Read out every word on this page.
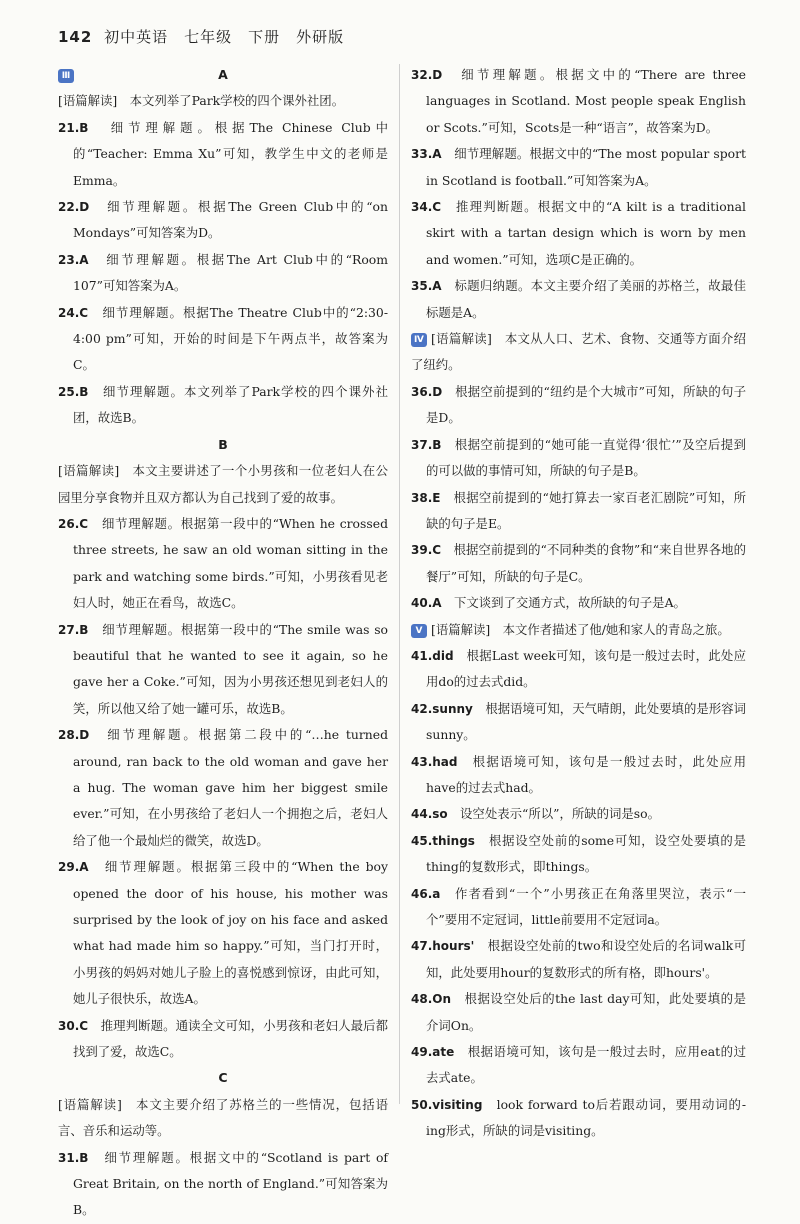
142 初中英语　七年级　下册　外研版
Ⅲ	A

[语篇解读]　本文列举了Park学校的四个课外社团。

21.B　 细节理解题。根据The Chinese Club中的“Teacher: Emma Xu”可知，教学生中文的老师是Emma。

22.D　 细节理解题。根据The Green Club中的“on Mondays”可知答案为D。

23.A　 细节理解题。根据The Art Club中的“Room 107”可知答案为A。

24.C　 细节理解题。根据The Theatre Club中的“2:30-4:00 pm”可知，开始的时间是下午两点半，故答案为C。

25.B　 细节理解题。本文列举了Park学校的四个课外社团，故选B。

B

[语篇解读]　本文主要讲述了一个小男孩和一位老妇人在公园里分享食物并且双方都认为自己找到了爱的故事。

26.C　 细节理解题。根据第一段中的“When he crossed three streets, he saw an old woman sitting in the park and watching some birds.”可知，小男孩看见老妇人时，她正在看鸟，故选C。

27.B　 细节理解题。根据第一段中的“The smile was so beautiful that he wanted to see it again, so he gave her a Coke.”可知，因为小男孩还想见到老妇人的笑，所以他又给了她一罐可乐，故选B。

28.D　 细节理解题。根据第二段中的“…he turned around, ran back to the old woman and gave her a hug. The woman gave him her biggest smile ever.”可知，在小男孩给了老妇人一个拥抱之后，老妇人给了他一个最灿烂的微笑，故选D。

29.A　 细节理解题。根据第三段中的“When the boy opened the door of his house, his mother was surprised by the look of joy on his face and asked what had made him so happy.”可知，当门打开时，小男孩的妈妈对她儿子脸上的喜悦感到惊讶，由此可知，她儿子很快乐，故选A。

30.C　 推理判断题。通读全文可知，小男孩和老妇人最后都找到了爱，故选C。

C

[语篇解读]　本文主要介绍了苏格兰的一些情况，包括语言、音乐和运动等。

31.B　 细节理解题。根据文中的“Scotland is part of Great Britain, on the north of England.”可知答案为B。

32.D　 细节理解题。根据文中的“There are three languages in Scotland. Most people speak English or Scots.”可知，Scots是一种“语言”，故答案为D。

33.A　 细节理解题。根据文中的“The most popular sport in Scotland is football.”可知答案为A。

34.C　 推理判断题。根据文中的“A kilt is a traditional skirt with a tartan design which is worn by men and women.”可知，选项C是正确的。

35.A　 标题归纳题。本文主要介绍了美丽的苏格兰，故最佳标题是A。

Ⅳ [语篇解读]　本文从人口、艺术、食物、交通等方面介绍了纽约。

36.D　 根据空前提到的“纽约是个大城市”可知，所缺的句子是D。

37.B　 根据空前提到的“她可能一直觉得‘很忙’”及空后提到的可以做的事情可知，所缺的句子是B。

38.E　 根据空前提到的“她打算去一家百老汇剧院”可知，所缺的句子是E。

39.C　 根据空前提到的“不同种类的食物”和“来自世界各地的餐厅”可知，所缺的句子是C。

40.A　 下文谈到了交通方式，故所缺的句子是A。

Ⅴ [语篇解读]　本文作者描述了他/她和家人的青岛之旅。

41.did　 根据Last week可知，该句是一般过去时，此处应用do的过去式did。

42.sunny　 根据语境可知，天气晴朗，此处要填的是形容词sunny。

43.had　 根据语境可知，该句是一般过去时，此处应用have的过去式had。

44.so　 设空处表示“所以”，所缺的词是so。

45.things　 根据设空处前的some可知，设空处要填的是thing的复数形式，即things。

46.a　 作者看到“一个”小男孩正在角落里哭泣，表示“一个”要用不定冠词，little前要用不定冠词a。

47.hours'　 根据设空处前的two和设空处后的名词walk可知，此处要用hour的复数形式的所有格，即hours'。

48.On　 根据设空处后的the last day可知，此处要填的是介词On。

49.ate　 根据语境可知，该句是一般过去时，应用eat的过去式ate。

50.visiting　 look forward to后若跟动词，要用动词的-ing形式，所缺的词是visiting。
